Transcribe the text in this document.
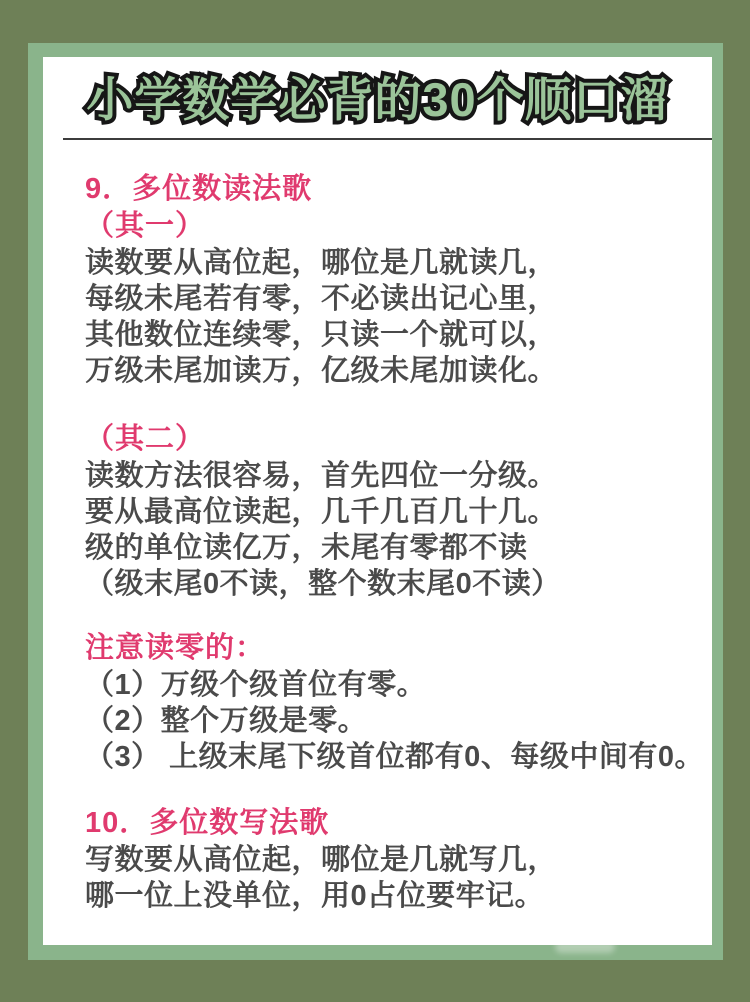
小学数学必背的30个顺口溜

9．多位数读法歌

（其一）

读数要从高位起，哪位是几就读几，

每级未尾若有零，不必读出记心里，

其他数位连续零，只读一个就可以，

万级未尾加读万，亿级未尾加读化。

（其二）

读数方法很容易，首先四位一分级。

要从最高位读起，几千几百几十几。

级的单位读亿万，未尾有零都不读

（级末尾0不读，整个数末尾0不读）

注意读零的：

（1）万级个级首位有零。

（2）整个万级是零。

（3） 上级末尾下级首位都有0、每级中间有0。

10．多位数写法歌

写数要从高位起，哪位是几就写几，

哪一位上没单位，用0占位要牢记。
